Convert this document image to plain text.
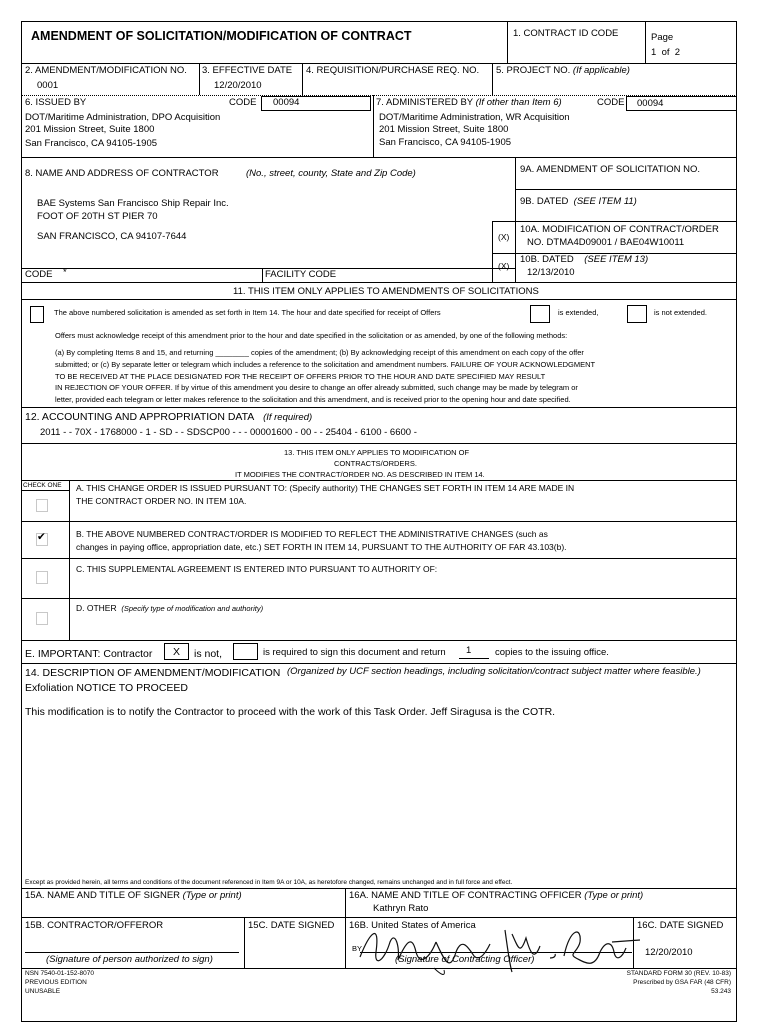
AMENDMENT OF SOLICITATION/MODIFICATION OF CONTRACT	1. CONTRACT ID CODE	Page
1 of 2
2. AMENDMENT/MODIFICATION NO.
0001
3. EFFECTIVE DATE
12/20/2010
4. REQUISITION/PURCHASE REQ. NO. 5. PROJECT NO. (If applicable)
6. ISSUED BY	CODE 00094
DOT/Maritime Administration, DPO Acquisition
201 Mission Street, Suite 1800
San Francisco, CA 94105-1905
7. ADMINISTERED BY (If other than Item 6)	CODE 00094
DOT/Maritime Administration, WR Acquisition
201 Mission Street, Suite 1800
San Francisco, CA 94105-1905
8. NAME AND ADDRESS OF CONTRACTOR	(No., street, county, State and Zip Code)
BAE Systems San Francisco Ship Repair Inc.
FOOT OF 20TH ST PIER 70
SAN FRANCISCO, CA 94107-7644
CODE *	FACILITY CODE
9A. AMENDMENT OF SOLICITATION NO.
9B. DATED (SEE ITEM 11)
(X)
10A. MODIFICATION OF CONTRACT/ORDER
NO. DTMA4D09001 / BAE04W10011
(X)
10B. DATED (SEE ITEM 13)
12/13/2010
11. THIS ITEM ONLY APPLIES TO AMENDMENTS OF SOLICITATIONS
The above numbered solicitation is amended as set forth in Item 14. The hour and date specified for receipt of Offers	is extended,	is not extended.
Offers must acknowledge receipt of this amendment prior to the hour and date specified in the solicitation or as amended, by one of the following methods:
(a) By completing Items 8 and 15, and returning ________ copies of the amendment; (b) By acknowledging receipt of this amendment on each copy of the offer
submitted; or (c) By separate letter or telegram which includes a reference to the solicitation and amendment numbers. FAILURE OF YOUR ACKNOWLEDGMENT
TO BE RECEIVED AT THE PLACE DESIGNATED FOR THE RECEIPT OF OFFERS PRIOR TO THE HOUR AND DATE SPECIFIED MAY RESULT
IN REJECTION OF YOUR OFFER. If by virtue of this amendment you desire to change an offer already submitted, such change may be made by telegram or
letter, provided each telegram or letter makes reference to the solicitation and this amendment, and is received prior to the opening hour and date specified.
12. ACCOUNTING AND APPROPRIATION DATA (If required)
2011 - - 70X - 1768000 - 1 - SD - - SDSCP00 - - - 00001600 - 00 - - 25404 - 6100 - 6600 -
13. THIS ITEM ONLY APPLIES TO MODIFICATION OF
CONTRACTS/ORDERS.
IT MODIFIES THE CONTRACT/ORDER NO. AS DESCRIBED IN ITEM 14.
CHECK ONE A. THIS CHANGE ORDER IS ISSUED PURSUANT TO: (Specify authority) THE CHANGES SET FORTH IN ITEM 14 ARE MADE IN
THE CONTRACT ORDER NO. IN ITEM 10A.
✔	B. THE ABOVE NUMBERED CONTRACT/ORDER IS MODIFIED TO REFLECT THE ADMINISTRATIVE CHANGES (such as
changes in paying office, appropriation date, etc.) SET FORTH IN ITEM 14, PURSUANT TO THE AUTHORITY OF FAR 43.103(b).
C. THIS SUPPLEMENTAL AGREEMENT IS ENTERED INTO PURSUANT TO AUTHORITY OF:
D. OTHER (Specify type of modification and authority)
E. IMPORTANT: Contractor X is not,	is required to sign this document and return 1 copies to the issuing office.
14. DESCRIPTION OF AMENDMENT/MODIFICATION (Organized by UCF section headings, including solicitation/contract subject matter where feasible.)
Exfoliation NOTICE TO PROCEED
This modification is to notify the Contractor to proceed with the work of this Task Order. Jeff Siragusa is the COTR.
Except as provided herein, all terms and conditions of the document referenced in Item 9A or 10A, as heretofore changed, remains unchanged and in full force and effect.
15A. NAME AND TITLE OF SIGNER (Type or print)	16A. NAME AND TITLE OF CONTRACTING OFFICER (Type or print)
Kathryn Rato
15B. CONTRACTOR/OFFEROR	15C. DATE SIGNED 16B. United States of America
BY
16C. DATE SIGNED
12/20/2010
(Signature of person authorized to sign)	(Signature of Contracting Officer)
NSN 7540-01-152-8070
PREVIOUS EDITION
UNUSABLE
STANDARD FORM 30 (REV. 10-83)
Prescribed by GSA FAR (48 CFR)
53.243
